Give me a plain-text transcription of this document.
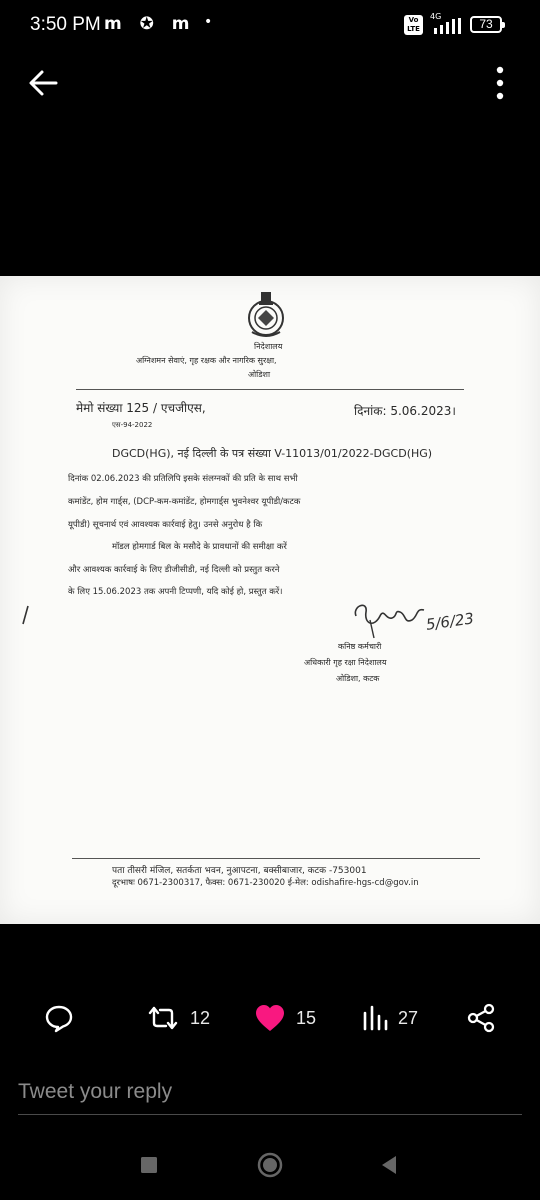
3:50 PM m ✪ m •	Vo
LTE
4G
73
निदेशालय
अग्निशमन सेवाएं, गृह रक्षक और नागरिक सुरक्षा,
ओडिशा
मेमो संख्या 125 / एचजीएस,
एस-94-2022
दिनांक: 5.06.2023।
DGCD(HG), नई दिल्ली के पत्र संख्या V-11013/01/2022-DGCD(HG)
दिनांक 02.06.2023 की प्रतिलिपि इसके संलग्नकों की प्रति के साथ सभी
कमांडेंट, होम गार्ड्स, (DCP-कम-कमांडेंट, होमगार्ड्स भुवनेश्वर यूपीडी/कटक
यूपीडी) सूचनार्थ एवं आवश्यक कार्रवाई हेतु। उनसे अनुरोध है कि
मॉडल होमगार्ड बिल के मसौदे के प्रावधानों की समीक्षा करें
और आवश्यक कार्रवाई के लिए डीजीसीडी, नई दिल्ली को प्रस्तुत करने
के लिए 15.06.2023 तक अपनी टिप्पणी, यदि कोई हो, प्रस्तुत करें।
5/6/23
कनिष्ठ कर्मचारी
अधिकारी गृह रक्षा निदेशालय
ओडिशा, कटक
पता तीसरी मंजिल, सतर्कता भवन, नुआपटना, बक्सीबाजार, कटक -753001
दूरभाषः 0671-2300317, फैक्स: 0671-230020 ई-मेल: odishafire-hgs-cd@gov.in
12	15	27
Tweet your reply
